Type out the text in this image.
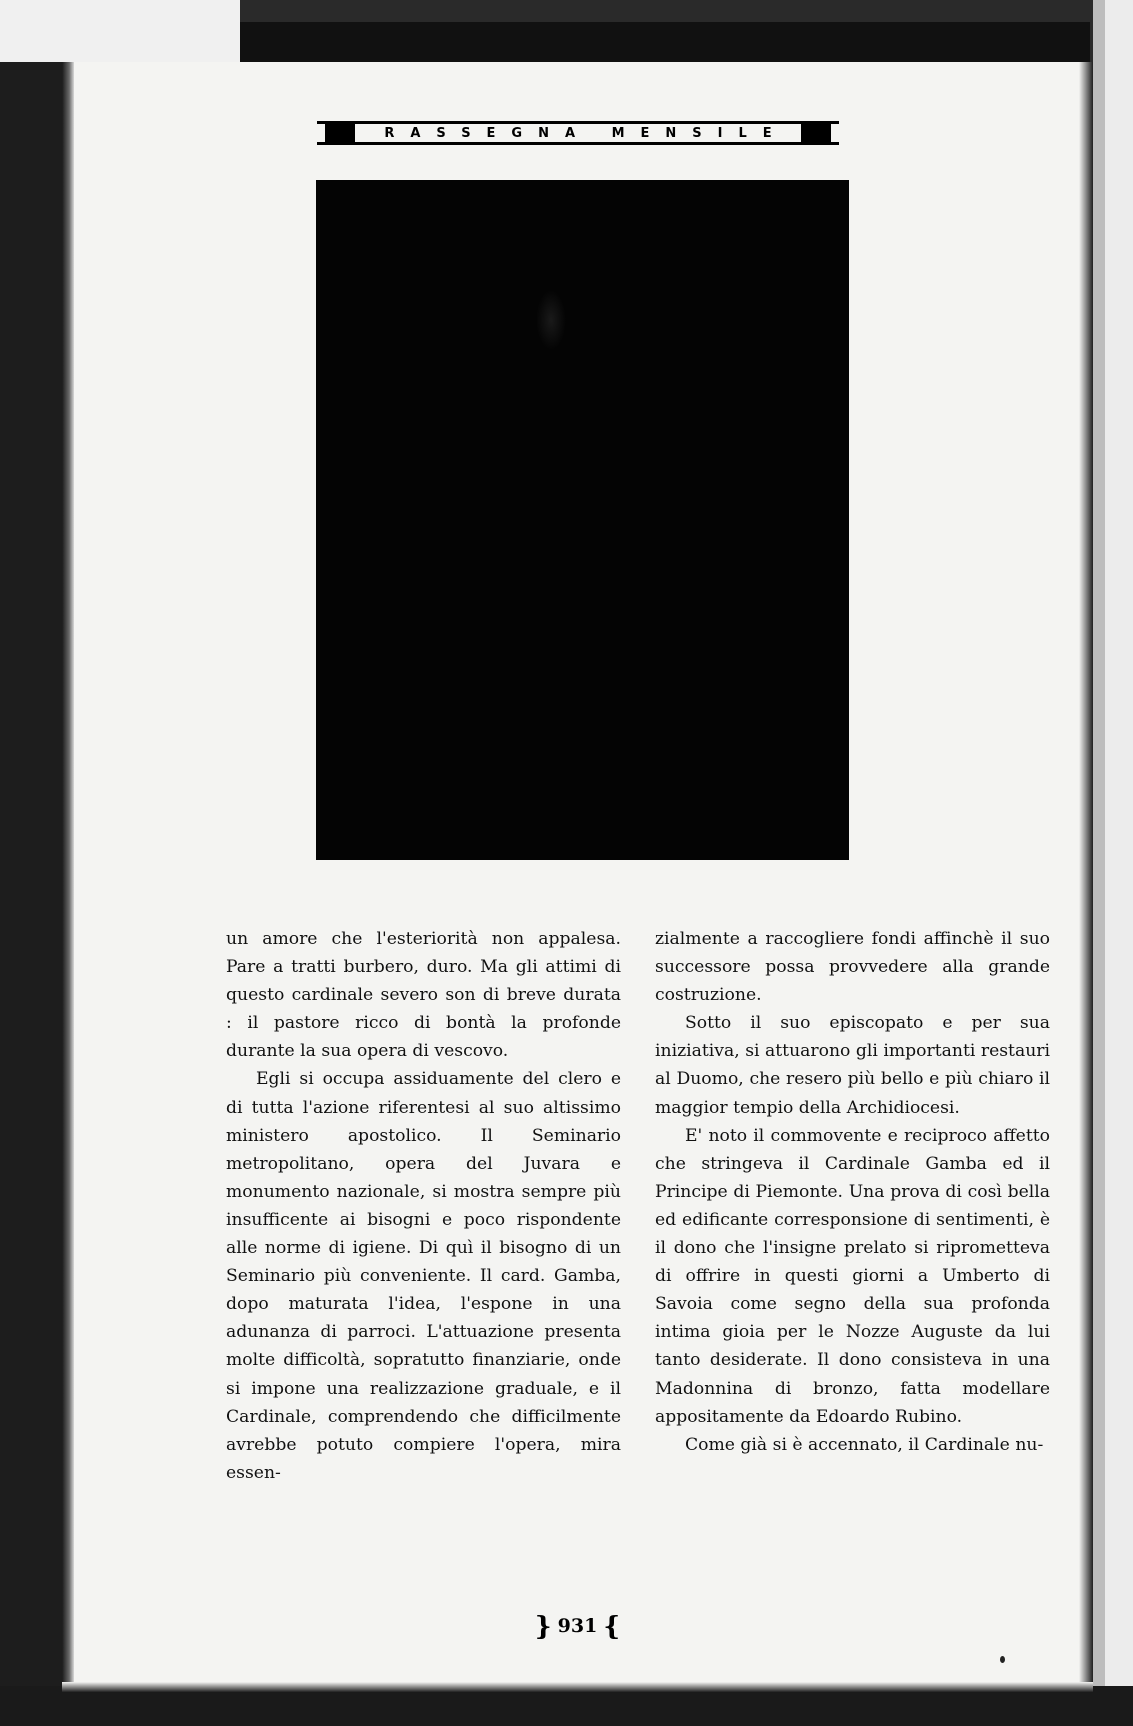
RASSEGNA MENSILE

un amore che l'esteriorità non appalesa. Pare a tratti burbero, duro. Ma gli attimi di questo cardinale severo son di breve durata : il pastore ricco di bontà la profonde durante la sua opera di vescovo.

Egli si occupa assiduamente del clero e di tutta l'azione riferentesi al suo altissimo ministero apostolico. Il Seminario metropolitano, opera del Juvara e monumento nazionale, si mostra sempre più insufficente ai bisogni e poco rispondente alle norme di igiene. Di quì il bisogno di un Seminario più conveniente. Il card. Gamba, dopo maturata l'idea, l'espone in una adunanza di parroci. L'attuazione presenta molte difficoltà, sopratutto finanziarie, onde si impone una realizzazione graduale, e il Cardinale, comprendendo che difficilmente avrebbe potuto compiere l'opera, mira essen-

zialmente a raccogliere fondi affinchè il suo successore possa provvedere alla grande costruzione.

Sotto il suo episcopato e per sua iniziativa, si attuarono gli importanti restauri al Duomo, che resero più bello e più chiaro il maggior tempio della Archidiocesi.

E' noto il commovente e reciproco affetto che stringeva il Cardinale Gamba ed il Principe di Piemonte. Una prova di così bella ed edificante corresponsione di sentimenti, è il dono che l'insigne prelato si riprometteva di offrire in questi giorni a Umberto di Savoia come segno della sua profonda intima gioia per le Nozze Auguste da lui tanto desiderate. Il dono consisteva in una Madonnina di bronzo, fatta modellare appositamente da Edoardo Rubino.

Come già si è accennato, il Cardinale nu-

} 931 {
